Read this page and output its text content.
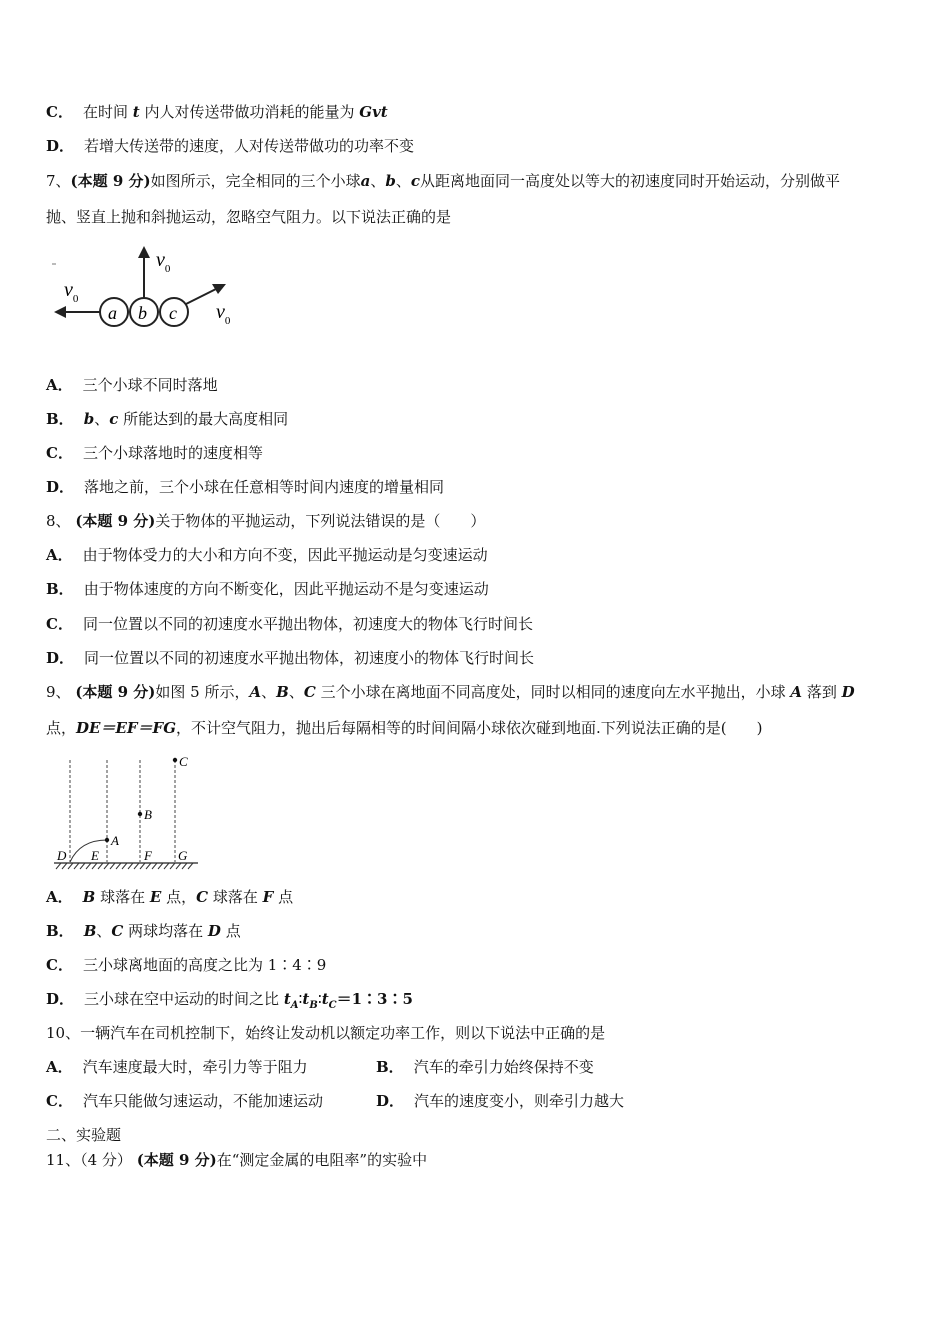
C． 在时间 t 内人对传送带做功消耗的能量为 Gvt
D． 若增大传送带的速度，人对传送带做功的功率不变
7、(本题 9 分)如图所示，完全相同的三个小球a、b、c从距离地面同一高度处以等大的初速度同时开始运动，分别做平
抛、竖直上抛和斜抛运动，忽略空气阻力。以下说法正确的是
$v_0$
a b c
$v_0$
$v_0$
A． 三个小球不同时落地
B． b、c 所能达到的最大高度相同
C． 三个小球落地时的速度相等
D． 落地之前，三个小球在任意相等时间内速度的增量相同
8、 (本题 9 分)关于物体的平抛运动，下列说法错误的是（　　）
A． 由于物体受力的大小和方向不变，因此平抛运动是匀变速运动
B． 由于物体速度的方向不断变化，因此平抛运动不是匀变速运动
C． 同一位置以不同的初速度水平抛出物体，初速度大的物体飞行时间长
D． 同一位置以不同的初速度水平抛出物体，初速度小的物体飞行时间长
9、 (本题 9 分)如图 5 所示，A、B、C 三个小球在离地面不同高度处，同时以相同的速度向左水平抛出，小球 A 落到 D
点，DE＝EF＝FG，不计空气阻力，抛出后每隔相等的时间间隔小球依次碰到地面.下列说法正确的是(　　)
A
B
C
D E	F G
A． B 球落在 E 点，C 球落在 F 点
B． B、C 两球均落在 D 点
C． 三小球离地面的高度之比为 1∶4∶9
D． 三小球在空中运动的时间之比 $t_A∶t_B∶t_C=1∶3∶5$
10、一辆汽车在司机控制下，始终让发动机以额定功率工作，则以下说法中正确的是
A． 汽车速度最大时，牵引力等于阻力	B． 汽车的牵引力始终保持不变
C． 汽车只能做匀速运动，不能加速运动	D． 汽车的速度变小，则牵引力越大
二、实验题
11、（4 分） (本题 9 分)在“测定金属的电阻率”的实验中
